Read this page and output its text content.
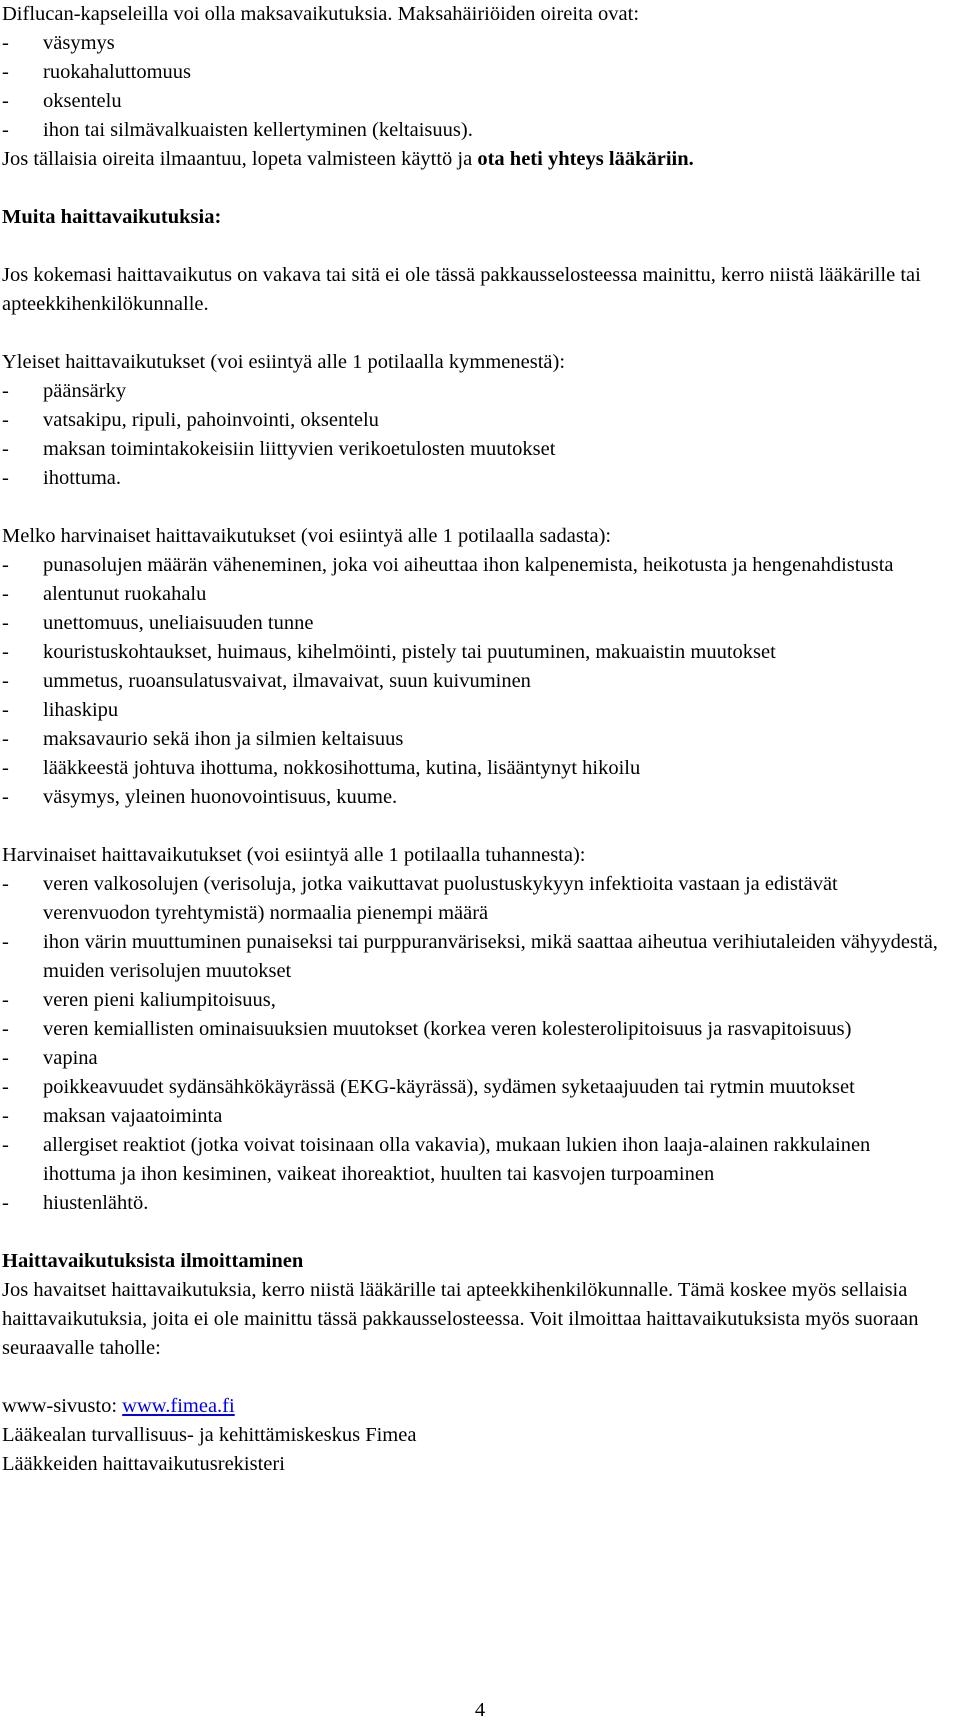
Diflucan-kapseleilla voi olla maksavaikutuksia. Maksahäiriöiden oireita ovat:

- väsymys
- ruokahaluttomuus
- oksentelu
- ihon tai silmävalkuaisten kellertyminen (keltaisuus).

Jos tällaisia oireita ilmaantuu, lopeta valmisteen käyttö ja ota heti yhteys lääkäriin.

Muita haittavaikutuksia:

Jos kokemasi haittavaikutus on vakava tai sitä ei ole tässä pakkausselosteessa mainittu, kerro niistä lääkärille tai apteekkihenkilökunnalle.

Yleiset haittavaikutukset (voi esiintyä alle 1 potilaalla kymmenestä):

- päänsärky
- vatsakipu, ripuli, pahoinvointi, oksentelu
- maksan toimintakokeisiin liittyvien verikoetulosten muutokset
- ihottuma.

Melko harvinaiset haittavaikutukset (voi esiintyä alle 1 potilaalla sadasta):

- punasolujen määrän väheneminen, joka voi aiheuttaa ihon kalpenemista, heikotusta ja hengenahdistusta
- alentunut ruokahalu
- unettomuus, uneliaisuuden tunne
- kouristuskohtaukset, huimaus, kihelmöinti, pistely tai puutuminen, makuaistin muutokset
- ummetus, ruoansulatusvaivat, ilmavaivat, suun kuivuminen
- lihaskipu
- maksavaurio sekä ihon ja silmien keltaisuus
- lääkkeestä johtuva ihottuma, nokkosihottuma, kutina, lisääntynyt hikoilu
- väsymys, yleinen huonovointisuus, kuume.

Harvinaiset haittavaikutukset (voi esiintyä alle 1 potilaalla tuhannesta):

- veren valkosolujen (verisoluja, jotka vaikuttavat puolustuskykyyn infektioita vastaan ja edistävät verenvuodon tyrehtymistä) normaalia pienempi määrä
- ihon värin muuttuminen punaiseksi tai purppuranväriseksi, mikä saattaa aiheutua verihiutaleiden vähyydestä, muiden verisolujen muutokset
- veren pieni kaliumpitoisuus,
- veren kemiallisten ominaisuuksien muutokset (korkea veren kolesterolipitoisuus ja rasvapitoisuus)
- vapina
- poikkeavuudet sydänsähkökäyrässä (EKG-käyrässä), sydämen syketaajuuden tai rytmin muutokset
- maksan vajaatoiminta
- allergiset reaktiot (jotka voivat toisinaan olla vakavia), mukaan lukien ihon laaja-alainen rakkulainen ihottuma ja ihon kesiminen, vaikeat ihoreaktiot, huulten tai kasvojen turpoaminen
- hiustenlähtö.

Haittavaikutuksista ilmoittaminen

Jos havaitset haittavaikutuksia, kerro niistä lääkärille tai apteekkihenkilökunnalle. Tämä koskee myös sellaisia haittavaikutuksia, joita ei ole mainittu tässä pakkausselosteessa. Voit ilmoittaa haittavaikutuksista myös suoraan seuraavalle taholle:

www-sivusto: www.fimea.fi

Lääkealan turvallisuus- ja kehittämiskeskus Fimea

Lääkkeiden haittavaikutusrekisteri

4
